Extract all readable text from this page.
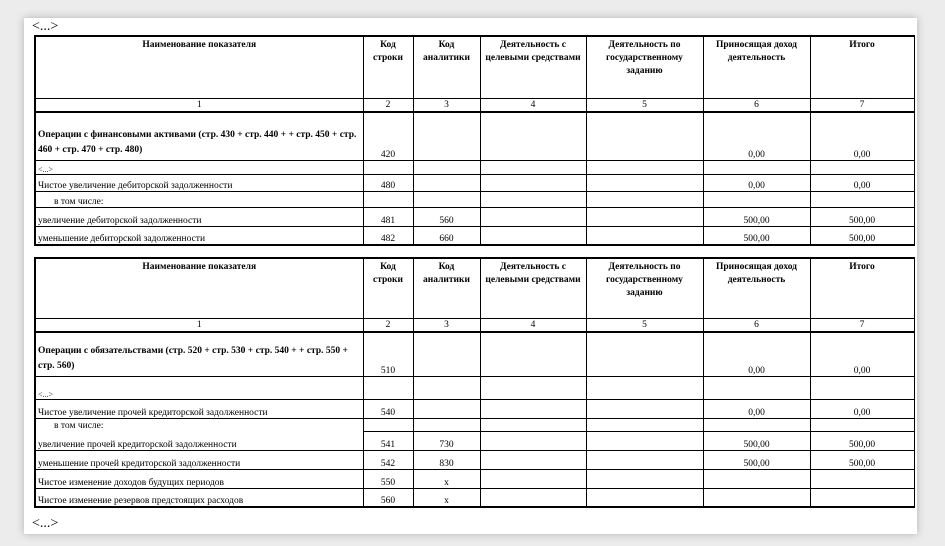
<...>
Наименование показателя	Код строки	Код аналитики	Деятельность с целевыми средствами	Деятельность по государственному заданию	Приносящая доход деятельность	Итого
1	2	3	4	5	6	7
Операции с финансовыми активами (стр. 430 + стр. 440 + + стр. 450 + стр. 460 + стр. 470 + стр. 480)	420				0,00	0,00
<...>						
Чистое увеличение дебиторской задолженности	480				0,00	0,00
в том числе:						
увеличение дебиторской задолженности	481	560			500,00	500,00
уменьшение дебиторской задолженности	482	660			500,00	500,00
Наименование показателя	Код строки	Код аналитики	Деятельность с целевыми средствами	Деятельность по государственному заданию	Приносящая доход деятельность	Итого
1	2	3	4	5	6	7
Операции с обязательствами (стр. 520 + стр. 530 + стр. 540 + + стр. 550 + стр. 560)	510				0,00	0,00
<...>						
Чистое увеличение прочей кредиторской задолженности	540				0,00	0,00
в том числе:						
увеличение прочей кредиторской задолженности	541	730			500,00	500,00
уменьшение прочей кредиторской задолженности	542	830			500,00	500,00
Чистое изменение доходов будущих периодов	550	x				
Чистое изменение резервов предстоящих расходов	560	x				
<...>
